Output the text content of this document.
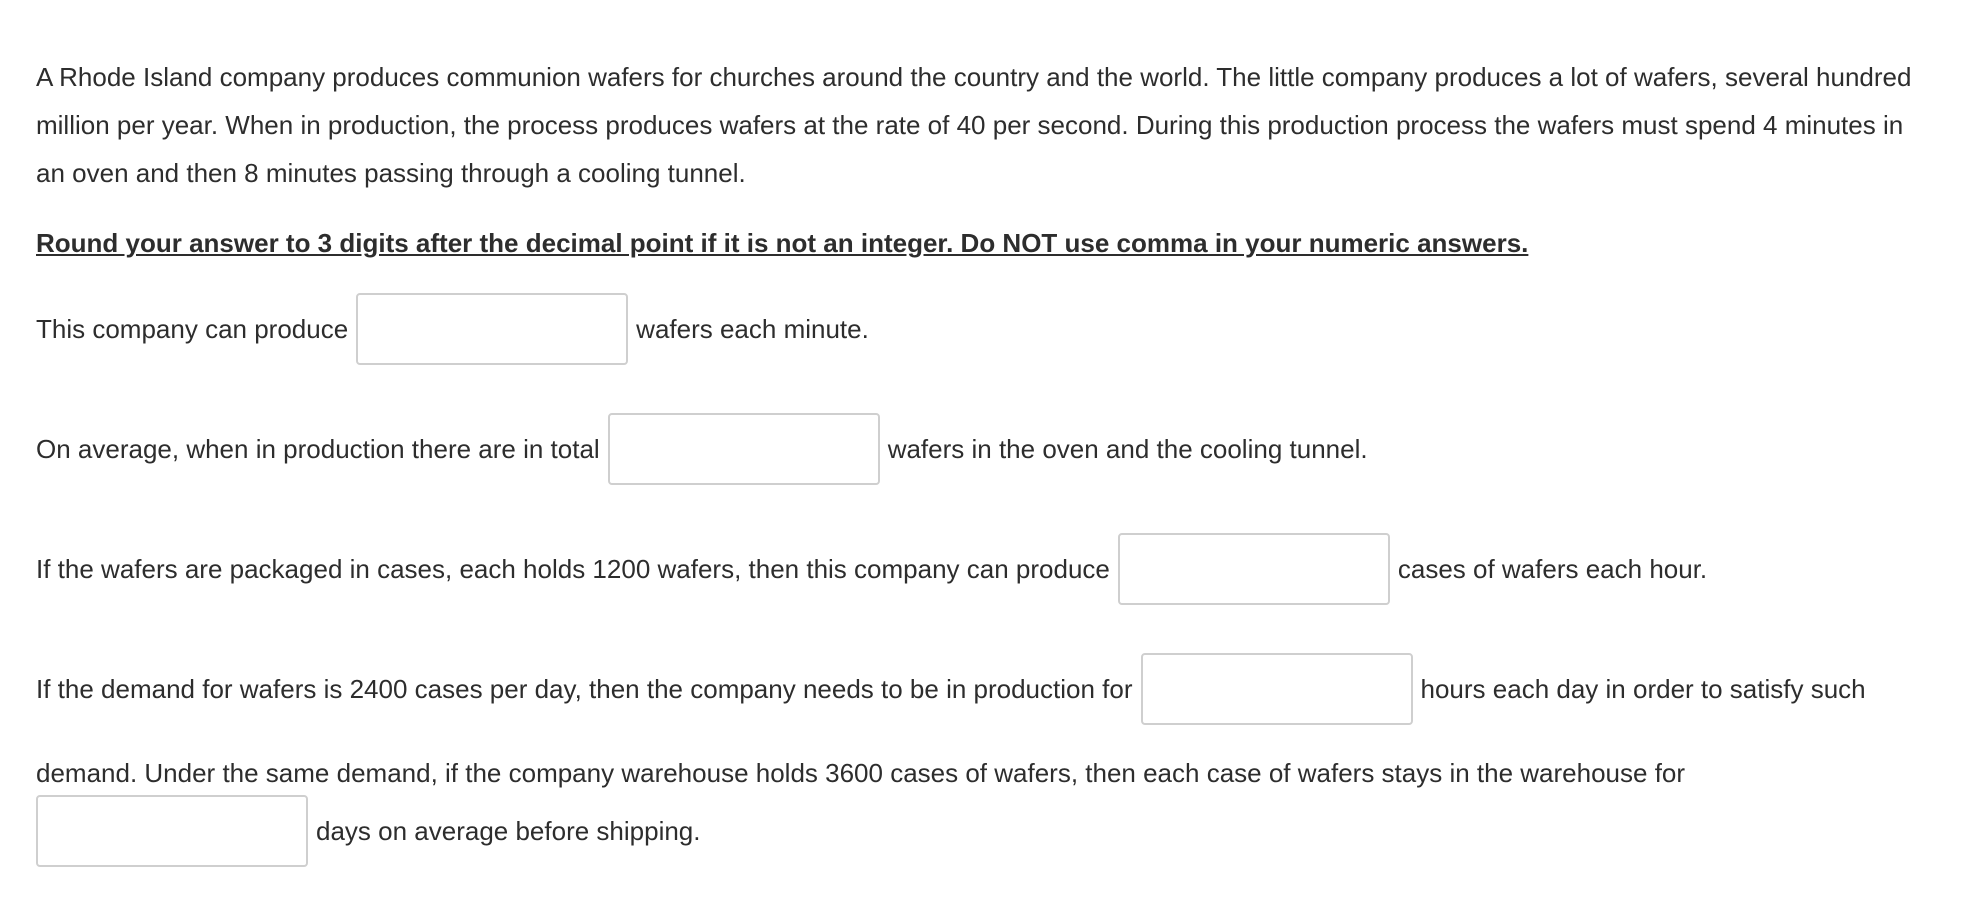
A Rhode Island company produces communion wafers for churches around the country and the world. The little company produces a lot of wafers, several hundred million per year. When in production, the process produces wafers at the rate of 40 per second. During this production process the wafers must spend 4 minutes in an oven and then 8 minutes passing through a cooling tunnel.

Round your answer to 3 digits after the decimal point if it is not an integer. Do NOT use comma in your numeric answers.

This company can produce	wafers each minute.
On average, when in production there are in total	wafers in the oven and the cooling tunnel.
If the wafers are packaged in cases, each holds 1200 wafers, then this company can produce	cases of wafers each hour.
If the demand for wafers is 2400 cases per day, then the company needs to be in production for	hours each day in order to satisfy such

demand. Under the same demand, if the company warehouse holds 3600 cases of wafers, then each case of wafers stays in the warehouse for

days on average before shipping.
